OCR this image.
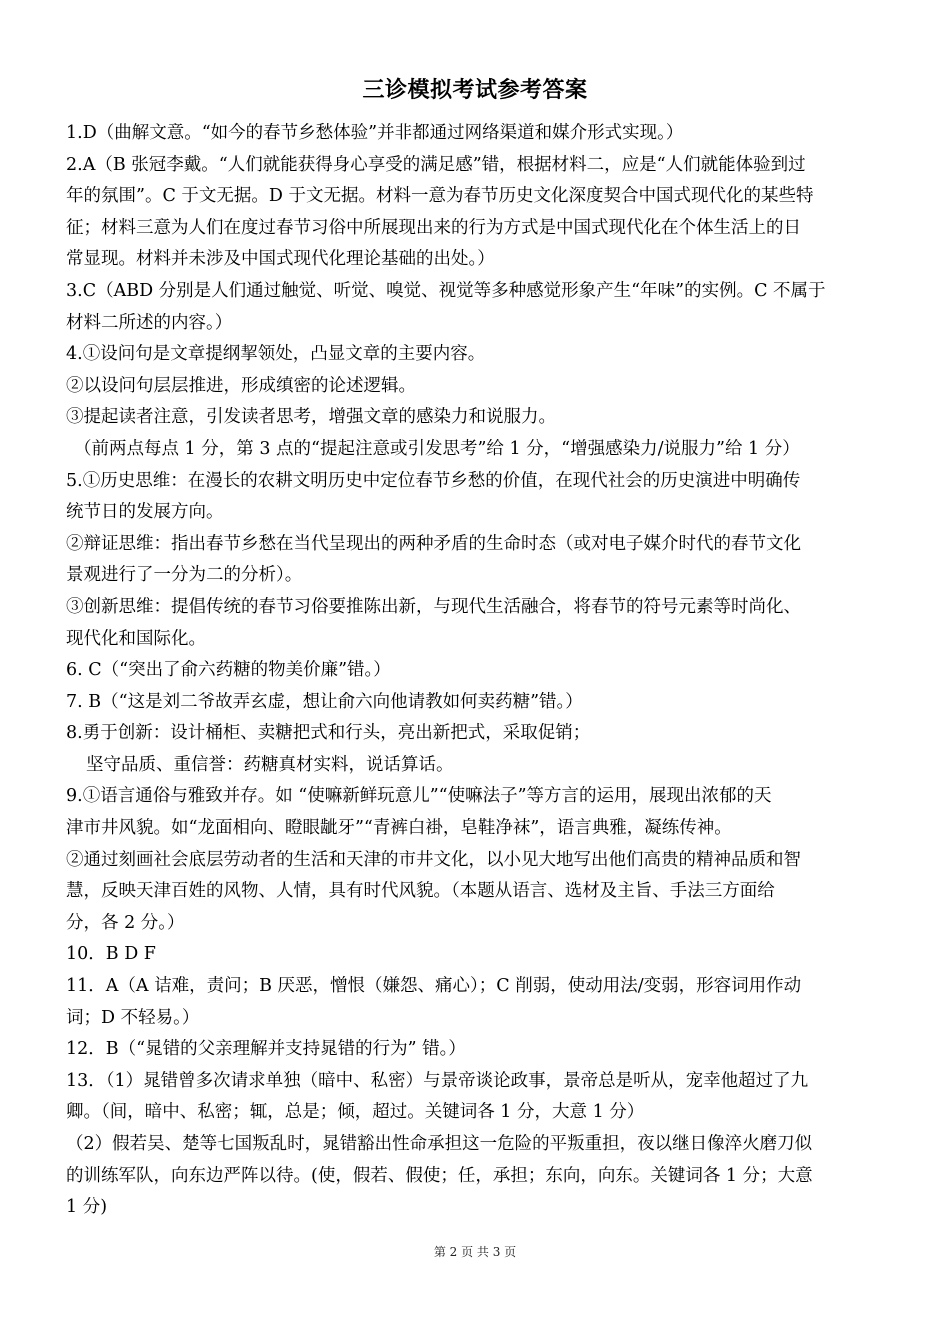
三诊模拟考试参考答案
1.D（曲解文意。“如今的春节乡愁体验”并非都通过网络渠道和媒介形式实现。）
2.A（B 张冠李戴。“人们就能获得身心享受的满足感”错，根据材料二，应是“人们就能体验到过
年的氛围”。C 于文无据。D 于文无据。材料一意为春节历史文化深度契合中国式现代化的某些特
征；材料三意为人们在度过春节习俗中所展现出来的行为方式是中国式现代化在个体生活上的日
常显现。材料并未涉及中国式现代化理论基础的出处。）
3.C（ABD 分别是人们通过触觉、听觉、嗅觉、视觉等多种感觉形象产生“年味”的实例。C 不属于
材料二所述的内容。）
4.①设问句是文章提纲挈领处，凸显文章的主要内容。
②以设问句层层推进，形成缜密的论述逻辑。
③提起读者注意，引发读者思考，增强文章的感染力和说服力。
（前两点每点 1 分，第 3 点的“提起注意或引发思考”给 1 分，“增强感染力/说服力”给 1 分）
5.①历史思维：在漫长的农耕文明历史中定位春节乡愁的价值，在现代社会的历史演进中明确传
统节日的发展方向。
②辩证思维：指出春节乡愁在当代呈现出的两种矛盾的生命时态（或对电子媒介时代的春节文化
景观进行了一分为二的分析）。
③创新思维：提倡传统的春节习俗要推陈出新，与现代生活融合，将春节的符号元素等时尚化、
现代化和国际化。
6. C（“突出了俞六药糖的物美价廉”错。）
7. B（“这是刘二爷故弄玄虚，想让俞六向他请教如何卖药糖”错。）
8.勇于创新：设计桶柜、卖糖把式和行头，亮出新把式，采取促销；
坚守品质、重信誉：药糖真材实料，说话算话。
9.①语言通俗与雅致并存。如 “使嘛新鲜玩意儿”“使嘛法子”等方言的运用，展现出浓郁的天
津市井风貌。如“龙面相向、瞪眼龇牙”“青裤白褂，皂鞋净袜”，语言典雅，凝练传神。
②通过刻画社会底层劳动者的生活和天津的市井文化，以小见大地写出他们高贵的精神品质和智
慧，反映天津百姓的风物、人情，具有时代风貌。（本题从语言、选材及主旨、手法三方面给
分，各 2 分。）
10．B D F
11．A（A 诘难，责问；B 厌恶，憎恨（嫌怨、痛心）；C 削弱，使动用法/变弱，形容词用作动
词；D 不轻易。）
12．B（“晁错的父亲理解并支持晁错的行为” 错。）
13．（1）晁错曾多次请求单独（暗中、私密）与景帝谈论政事，景帝总是听从，宠幸他超过了九
卿。（间，暗中、私密；辄，总是；倾，超过。关键词各 1 分，大意 1 分）
（2）假若吴、楚等七国叛乱时，晁错豁出性命承担这一危险的平叛重担，夜以继日像淬火磨刀似
的训练军队，向东边严阵以待。(使，假若、假使；任，承担；东向，向东。关键词各 1 分；大意
1 分)
第 2 页 共 3 页
